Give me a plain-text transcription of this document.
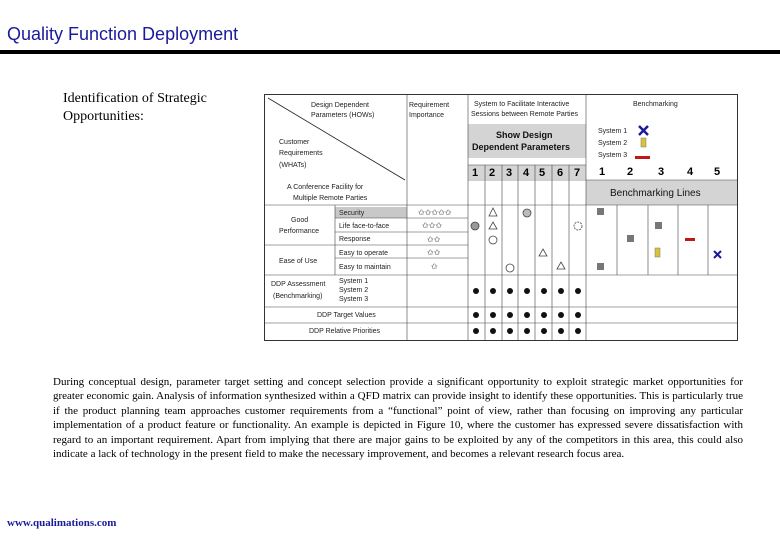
Quality Function Deployment
Identification of Strategic
Opportunities:
Design Dependent
Parameters (HOWs)
Requirement
Importance
System to Facilitate Interactive
Sessions between Remote Parties
Benchmarking
Customer
Requirements
(WHATs)
Show Design
Dependent Parameters
System 1
System 2
System 3
1 2 3 4 5 6 7 1 2 3 4 5
A Conference Facility for
Multiple Remote Parties	Benchmarking Lines
Good
Performance
Ease of Use
Security
Life face-to-face
Response
Easy to operate
Easy to maintain
DDP Assessment
(Benchmarking)
System 1
System 2
System 3
DDP Target Values
DDP Relative Priorities
✩✩✩✩✩
✩✩✩
✩✩
✩✩
✩
During conceptual design, parameter target setting and concept selection provide a significant opportunity to exploit strategic market opportunities for greater economic gain. Analysis of information synthesized within a QFD matrix can provide insight to identify these opportunities. This is particularly true if the product planning team approaches customer requirements from a “functional” point of view, rather than focusing on improving any particular implementation of a product feature or functionality. An example is depicted in Figure 10, where the customer has expressed severe dissatisfaction with regard to an important requirement. Apart from implying that there are major gains to be exploited by any of the competitors in this area, this could also indicate a lack of technology in the present field to make the necessary improvement, and becomes a relevant research focus area.
www.qualimations.com
